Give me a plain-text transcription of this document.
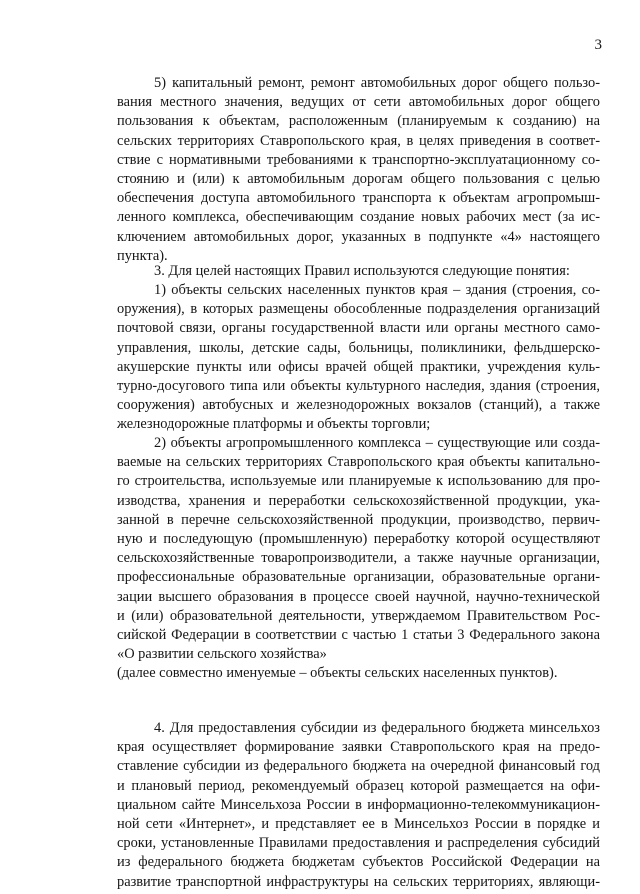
3
5) капитальный ремонт, ремонт автомобильных дорог общего пользо-
вания местного значения, ведущих от сети автомобильных дорог общего
пользования к объектам, расположенным (планируемым к созданию) на
сельских территориях Ставропольского края, в целях приведения в соответ-
ствие с нормативными требованиями к транспортно-эксплуатационному со-
стоянию и (или) к автомобильным дорогам общего пользования с целью
обеспечения доступа автомобильного транспорта к объектам агропромыш-
ленного комплекса, обеспечивающим создание новых рабочих мест (за ис-
ключением автомобильных дорог, указанных в подпункте «4» настоящего
пункта).
3. Для целей настоящих Правил используются следующие понятия:
1) объекты сельских населенных пунктов края – здания (строения, со-
оружения), в которых размещены обособленные подразделения организаций
почтовой связи, органы государственной власти или органы местного само-
управления, школы, детские сады, больницы, поликлиники, фельдшерско-
акушерские пункты или офисы врачей общей практики, учреждения куль-
турно-досугового типа или объекты культурного наследия, здания (строения,
сооружения) автобусных и железнодорожных вокзалов (станций), а также
железнодорожные платформы и объекты торговли;
2) объекты агропромышленного комплекса – существующие или созда-
ваемые на сельских территориях Ставропольского края объекты капитально-
го строительства, используемые или планируемые к использованию для про-
изводства, хранения и переработки сельскохозяйственной продукции, ука-
занной в перечне сельскохозяйственной продукции, производство, первич-
ную и последующую (промышленную) переработку которой осуществляют
сельскохозяйственные товаропроизводители, а также научные организации,
профессиональные образовательные организации, образовательные органи-
зации высшего образования в процессе своей научной, научно-технической
и (или) образовательной деятельности, утверждаемом Правительством Рос-
сийской Федерации в соответствии с частью 1 статьи 3 Федерального закона
«О развитии сельского хозяйства»
(далее совместно именуемые – объекты сельских населенных пунктов).
4. Для предоставления субсидии из федерального бюджета минсельхоз
края осуществляет формирование заявки Ставропольского края на предо-
ставление субсидии из федерального бюджета на очередной финансовый год
и плановый период, рекомендуемый образец которой размещается на офи-
циальном сайте Минсельхоза России в информационно-телекоммуникацион-
ной сети «Интернет», и представляет ее в Минсельхоз России в порядке и
сроки, установленные Правилами предоставления и распределения субсидий
из федерального бюджета бюджетам субъектов Российской Федерации на
развитие транспортной инфраструктуры на сельских территориях, являющи-
